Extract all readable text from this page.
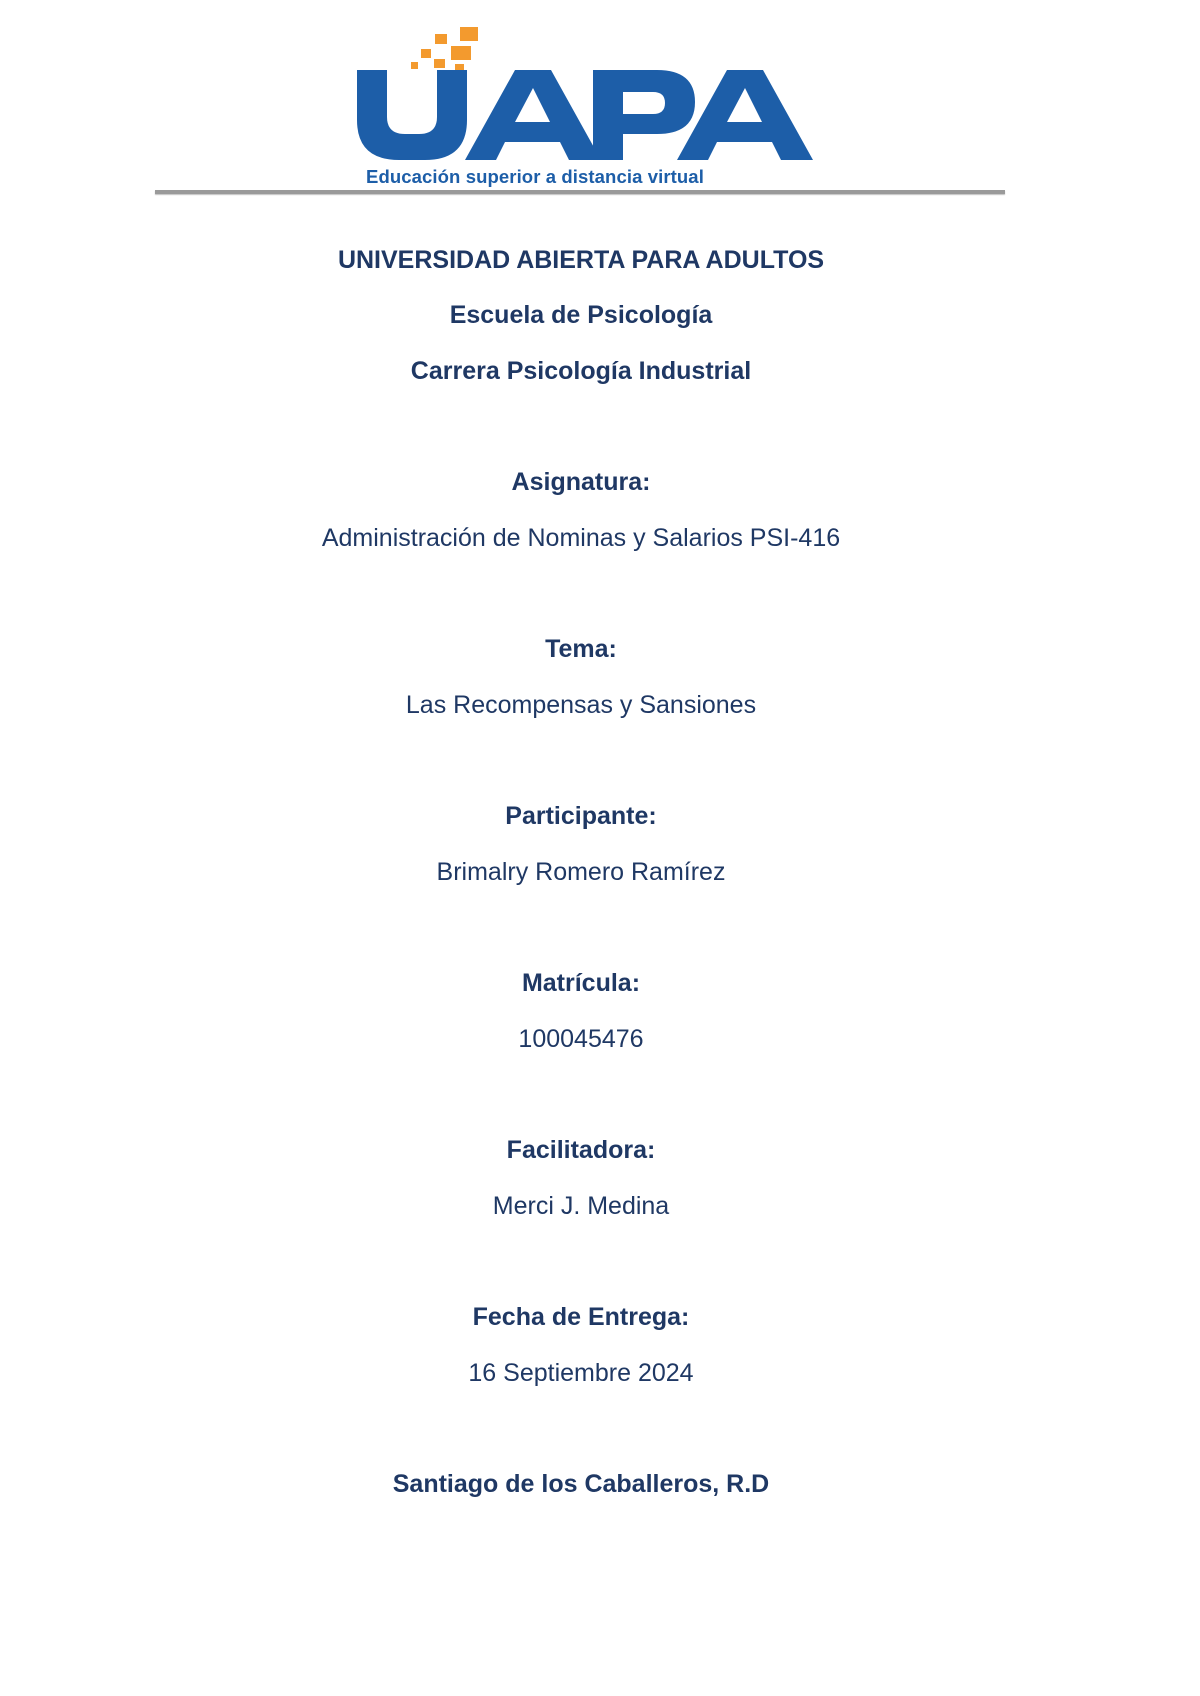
Educación superior a distancia virtual
UNIVERSIDAD ABIERTA PARA ADULTOS
Escuela de Psicología
Carrera Psicología Industrial
Asignatura:
Administración de Nominas y Salarios PSI-416
Tema:
Las Recompensas y Sansiones
Participante:
Brimalry Romero Ramírez
Matrícula:
100045476
Facilitadora:
Merci J. Medina
Fecha de Entrega:
16 Septiembre 2024
Santiago de los Caballeros, R.D
